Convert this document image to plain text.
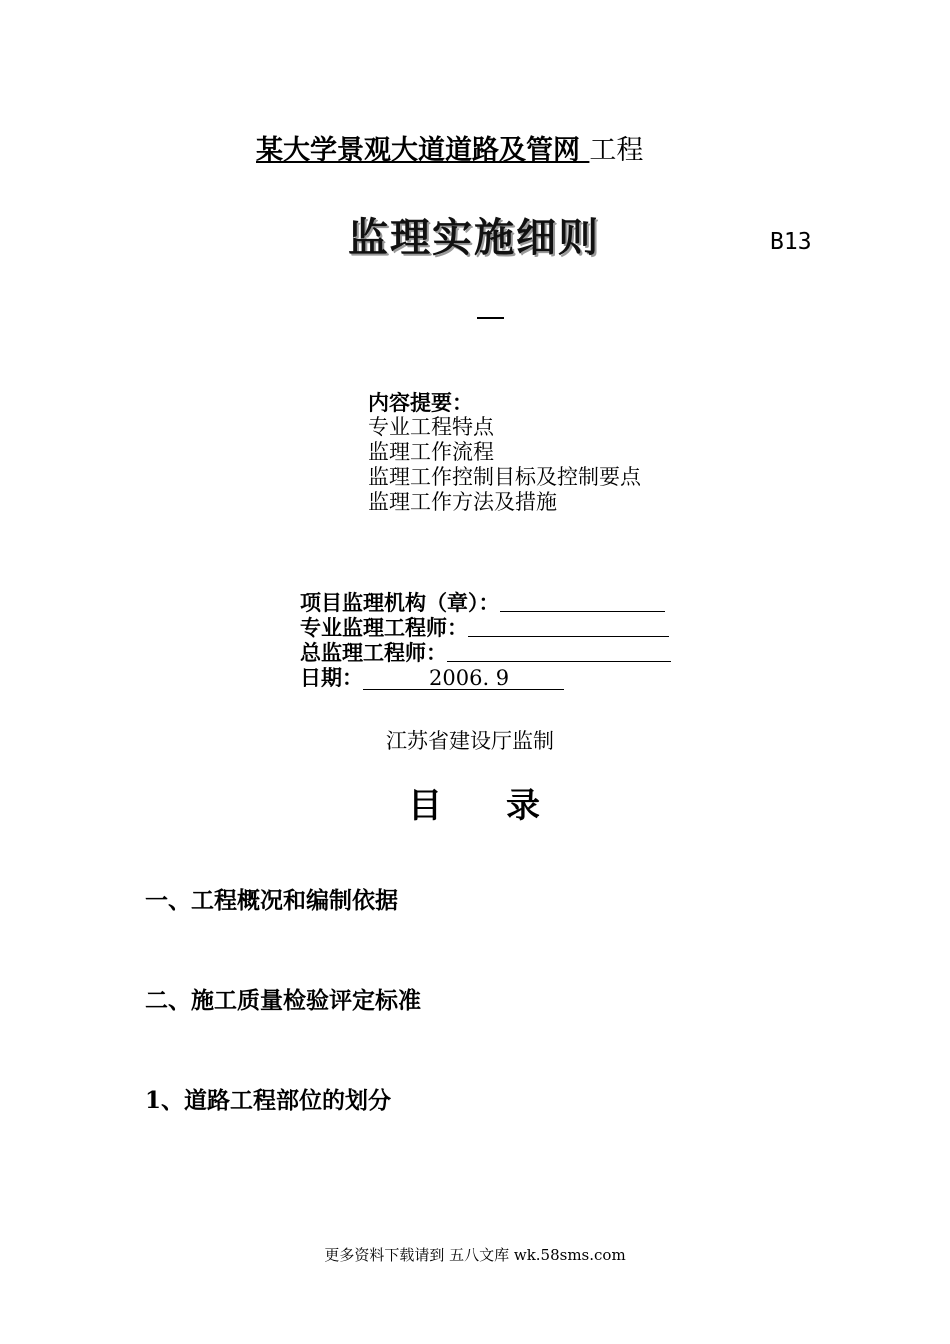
某大学景观大道道路及管网 工程
监理实施细则	B13
内容提要：
专业工程特点
监理工作流程
监理工作控制目标及控制要点
监理工作方法及措施
项目监理机构（章）：
专业监理工程师：
总监理工程师：
日期：	2006. 9
江苏省建设厅监制
目 录
一、工程概况和编制依据
二、施工质量检验评定标准
1、道路工程部位的划分
更多资料下载请到 五八文库 wk.58sms.com
